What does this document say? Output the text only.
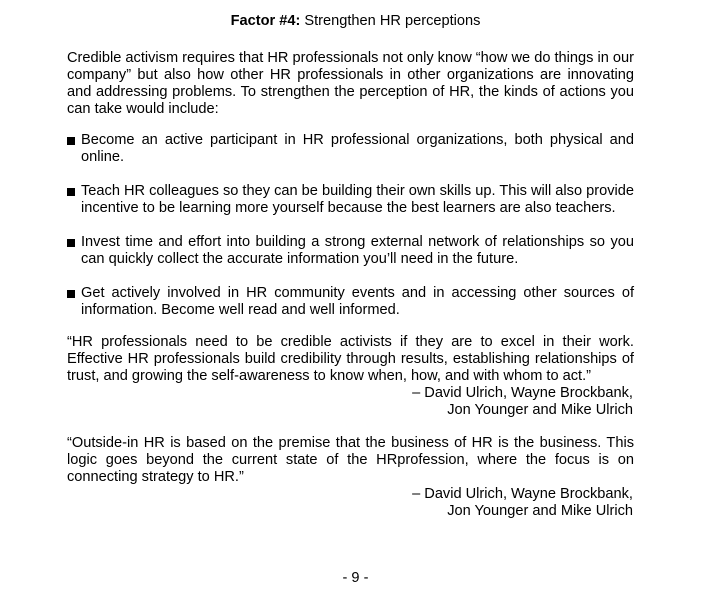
Factor #4: Strengthen HR perceptions
Credible activism requires that HR professionals not only know “how we do things in our company” but also how other HR professionals in other organizations are innovating and addressing problems. To strengthen the perception of HR, the kinds of actions you can take would include:
Become an active participant in HR professional organizations, both physical and online.
Teach HR colleagues so they can be building their own skills up. This will also provide incentive to be learning more yourself because the best learners are also teachers.
Invest time and effort into building a strong external network of relationships so you can quickly collect the accurate information you’ll need in the future.
Get actively involved in HR community events and in accessing other sources of information. Become well read and well informed.
“HR professionals need to be credible activists if they are to excel in their work. Effective HR professionals build credibility through results, establishing relationships of trust, and growing the self-awareness to know when, how, and with whom to act.”
– David Ulrich, Wayne Brockbank,
Jon Younger and Mike Ulrich
“Outside-in HR is based on the premise that the business of HR is the business. This logic goes beyond the current state of the HRprofession, where the focus is on connecting strategy to HR.”
– David Ulrich, Wayne Brockbank,
Jon Younger and Mike Ulrich
- 9 -
